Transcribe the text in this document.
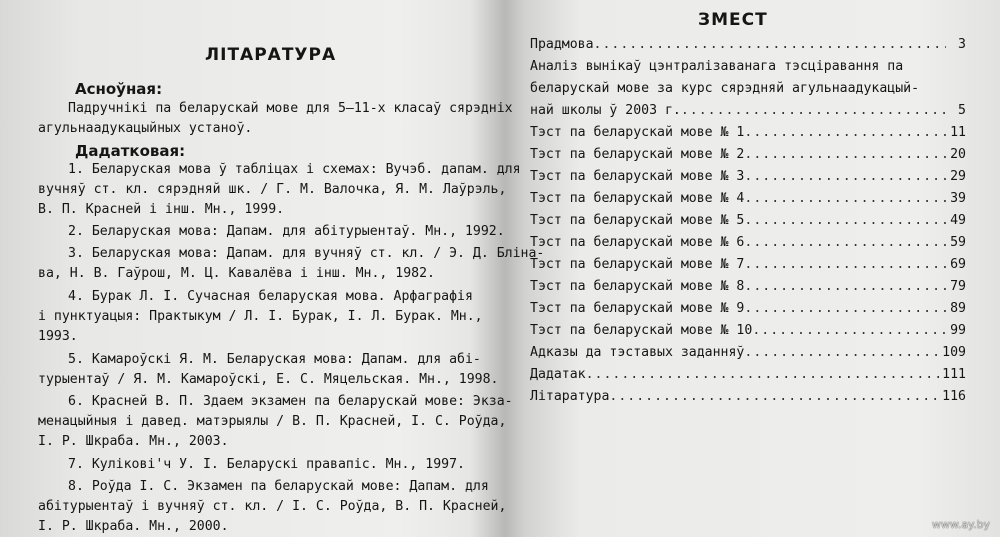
ЛІТАРАТУРА
Асноўная:
Падручнікі па беларускай мове для 5—11-х класаў сярэдніх
агульнаадукацыйных устаноў.
Дадатковая:
1. Беларуская мова ў табліцах і схемах: Вучэб. дапам. для
вучняў ст. кл. сярэдняй шк. / Г. М. Валочка, Я. М. Лаўрэль,
В. П. Красней і інш. Мн., 1999.
2. Беларуская мова: Дапам. для абітурыентаў. Мн., 1992.
3. Беларуская мова: Дапам. для вучняў ст. кл. / Э. Д. Бліна-
ва, Н. В. Гаўрош, М. Ц. Кавалёва і інш. Мн., 1982.
4. Бурак Л. І. Сучасная беларуская мова. Арфаграфія
і пунктуацыя: Практыкум / Л. І. Бурак, І. Л. Бурак. Мн.,
1993.
5. Камароўскі Я. М. Беларуская мова: Дапам. для абі-
турыентаў / Я. М. Камароўскі, Е. С. Мяцельская. Мн., 1998.
6. Красней В. П. Здаем экзамен па беларускай мове: Экза-
менацыйныя і давед. матэрыялы / В. П. Красней, І. С. Роўда,
І. Р. Шкраба. Мн., 2003.
7. Кулікові'ч У. І. Беларускі правапіс. Мн., 1997.
8. Роўда І. С. Экзамен па беларускай мове: Дапам. для
абітурыентаў і вучняў ст. кл. / І. С. Роўда, В. П. Красней,
І. Р. Шкраба. Мн., 2000.
ЗМЕСТ
Прадмова .....	3
Аналіз вынікаў цэнтралізаванага тэсціравання па
беларускай мове за курс сярэдняй агульнаадукацый-
най школы ў 2003 г. .....	5
Тэст па беларускай мове № 1 .....	11
Тэст па беларускай мове № 2 .....	20
Тэст па беларускай мове № 3 .....	29
Тэст па беларускай мове № 4 .....	39
Тэст па беларускай мове № 5 .....	49
Тэст па беларускай мове № 6 .....	59
Тэст па беларускай мове № 7 .....	69
Тэст па беларускай мове № 8 .....	79
Тэст па беларускай мове № 9 .....	89
Тэст па беларускай мове № 10 .....	99
Адказы да тэставых заданняў .....	109
Дадатак .....	111
Літаратура .....	116
www.ay.by
